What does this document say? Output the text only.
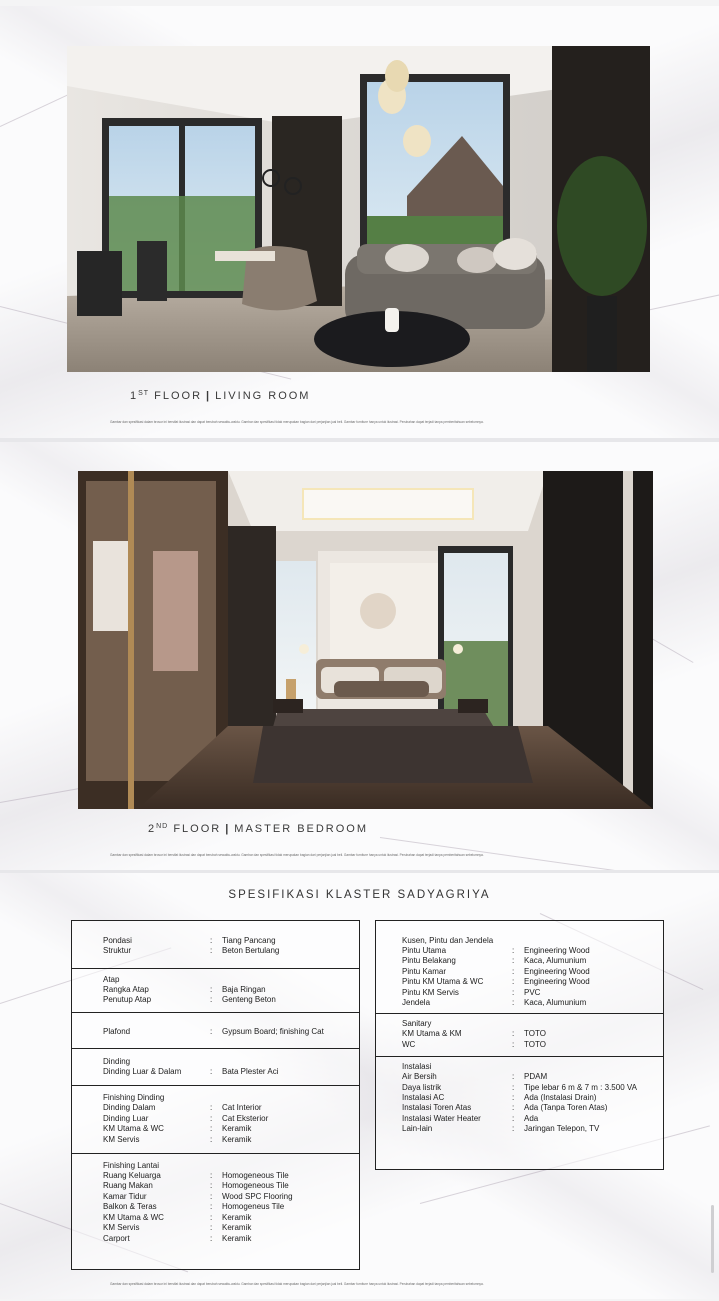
1ST FLOOR | LIVING ROOM
Gambar dan spesifikasi dalam brosur ini bersifat ilustrasi dan dapat berubah sewaktu-waktu. Gambar dan spesifikasi tidak merupakan bagian dari perjanjian jual beli. Gambar furniture hanya untuk ilustrasi. Perubahan dapat terjadi tanpa pemberitahuan sebelumnya.
2ND FLOOR | MASTER BEDROOM
Gambar dan spesifikasi dalam brosur ini bersifat ilustrasi dan dapat berubah sewaktu-waktu. Gambar dan spesifikasi tidak merupakan bagian dari perjanjian jual beli. Gambar furniture hanya untuk ilustrasi. Perubahan dapat terjadi tanpa pemberitahuan sebelumnya.
SPESIFIKASI KLASTER SADYAGRIYA
Pondasi	:	Tiang Pancang
Struktur	:	Beton Bertulang
Atap
Rangka Atap	:	Baja Ringan
Penutup Atap	:	Genteng Beton
Plafond	:	Gypsum Board; finishing Cat
Dinding
Dinding Luar & Dalam	:	Bata Plester Aci
Finishing Dinding
Dinding Dalam	:	Cat Interior
Dinding Luar	:	Cat Eksterior
KM Utama & WC	:	Keramik
KM Servis	:	Keramik
Finishing Lantai
Ruang Keluarga	:	Homogeneous Tile
Ruang Makan	:	Homogeneous Tile
Kamar Tidur	:	Wood SPC Flooring
Balkon & Teras	:	Homogeneus Tile
KM Utama & WC	:	Keramik
KM Servis	:	Keramik
Carport	:	Keramik
Kusen, Pintu dan Jendela
Pintu Utama	:	Engineering Wood
Pintu Belakang	:	Kaca, Alumunium
Pintu Kamar	:	Engineering Wood
Pintu KM Utama & WC	:	Engineering Wood
Pintu KM Servis	:	PVC
Jendela	:	Kaca, Alumunium
Sanitary
KM Utama & KM	:	TOTO
WC	:	TOTO
Instalasi
Air Bersih	:	PDAM
Daya listrik	:	Tipe lebar 6 m & 7 m : 3.500 VA
Instalasi AC	:	Ada (Instalasi Drain)
Instalasi Toren Atas	:	Ada (Tanpa Toren Atas)
Instalasi Water Heater	:	Ada
Lain-lain	:	Jaringan Telepon, TV
Gambar dan spesifikasi dalam brosur ini bersifat ilustrasi dan dapat berubah sewaktu-waktu. Gambar dan spesifikasi tidak merupakan bagian dari perjanjian jual beli. Gambar furniture hanya untuk ilustrasi. Perubahan dapat terjadi tanpa pemberitahuan sebelumnya.
